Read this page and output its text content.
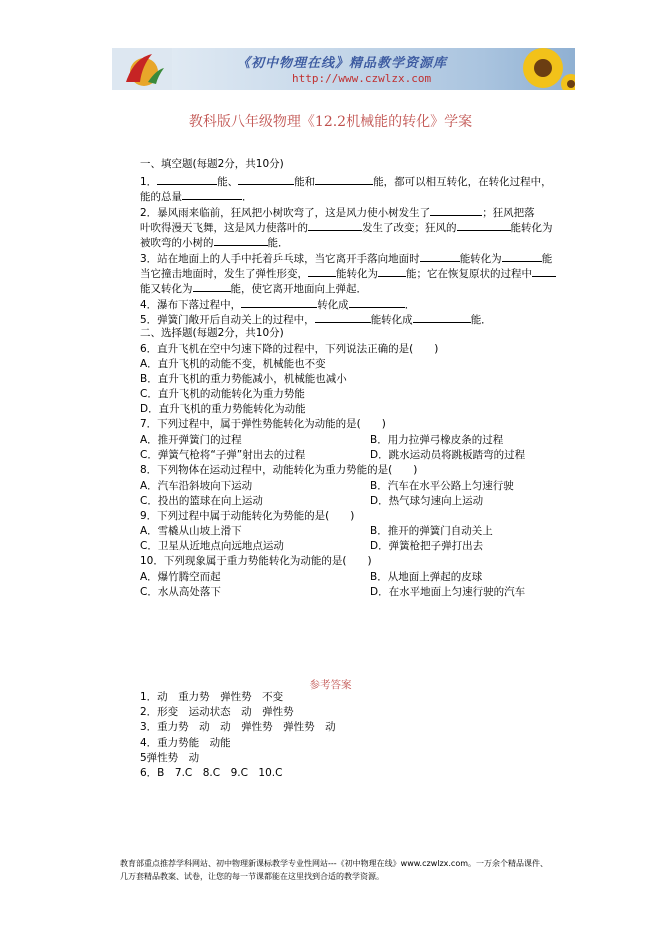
《初中物理在线》精品教学资源库
http://www.czwlzx.com
教科版八年级物理《12.2机械能的转化》学案
一、填空题(每题2分，共10分)
1．	能、	能和	能，都可以相互转化，在转化过程中，
能的总量	．
2．暴风雨来临前，狂风把小树吹弯了，这是风力使小树发生了	；狂风把落
叶吹得漫天飞舞，这是风力使落叶的	发生了改变；狂风的	能转化为
被吹弯的小树的	能．
3．站在地面上的人手中托着乒乓球，当它离开手落向地面时	能转化为	能
当它撞击地面时，发生了弹性形变，	能转化为	能；它在恢复原状的过程中
能又转化为	能，使它离开地面向上弹起．
4．瀑布下落过程中，	转化成	．
5．弹簧门敞开后自动关上的过程中，	能转化成	能．
二、选择题(每题2分，共10分)
6．直升飞机在空中匀速下降的过程中，下列说法正确的是(　　)
A．直升飞机的动能不变，机械能也不变
B．直升飞机的重力势能减小，机械能也减小
C．直升飞机的动能转化为重力势能
D．直升飞机的重力势能转化为动能
7．下列过程中，属于弹性势能转化为动能的是(　　)
A．推开弹簧门的过程	B．用力拉弹弓橡皮条的过程
C．弹簧气枪将“子弹”射出去的过程	D．跳水运动员将跳板踏弯的过程
8．下列物体在运动过程中，动能转化为重力势能的是(　　)
A．汽车沿斜坡向下运动	B．汽车在水平公路上匀速行驶
C．投出的篮球在向上运动	D．热气球匀速向上运动
9．下列过程中属于动能转化为势能的是(　　)
A．雪橇从山坡上滑下	B．推开的弹簧门自动关上
C．卫星从近地点向远地点运动	D．弹簧枪把子弹打出去
10．下列现象属于重力势能转化为动能的是(　　)
A．爆竹腾空而起	B．从地面上弹起的皮球
C．水从高处落下	D．在水平地面上匀速行驶的汽车
参考答案
1．动　重力势　弹性势　不变
2．形变　运动状态　动　弹性势
3．重力势　动　动　弹性势　弹性势　动
4．重力势能　动能
5弹性势　动
6．B　7.C　8.C　9.C　10.C
教育部重点推荐学科网站、初中物理新课标教学专业性网站---《初中物理在线》www.czwlzx.com。一万余个精品课件、几万套精品教案、试卷，让您的每一节课都能在这里找到合适的教学资源。
